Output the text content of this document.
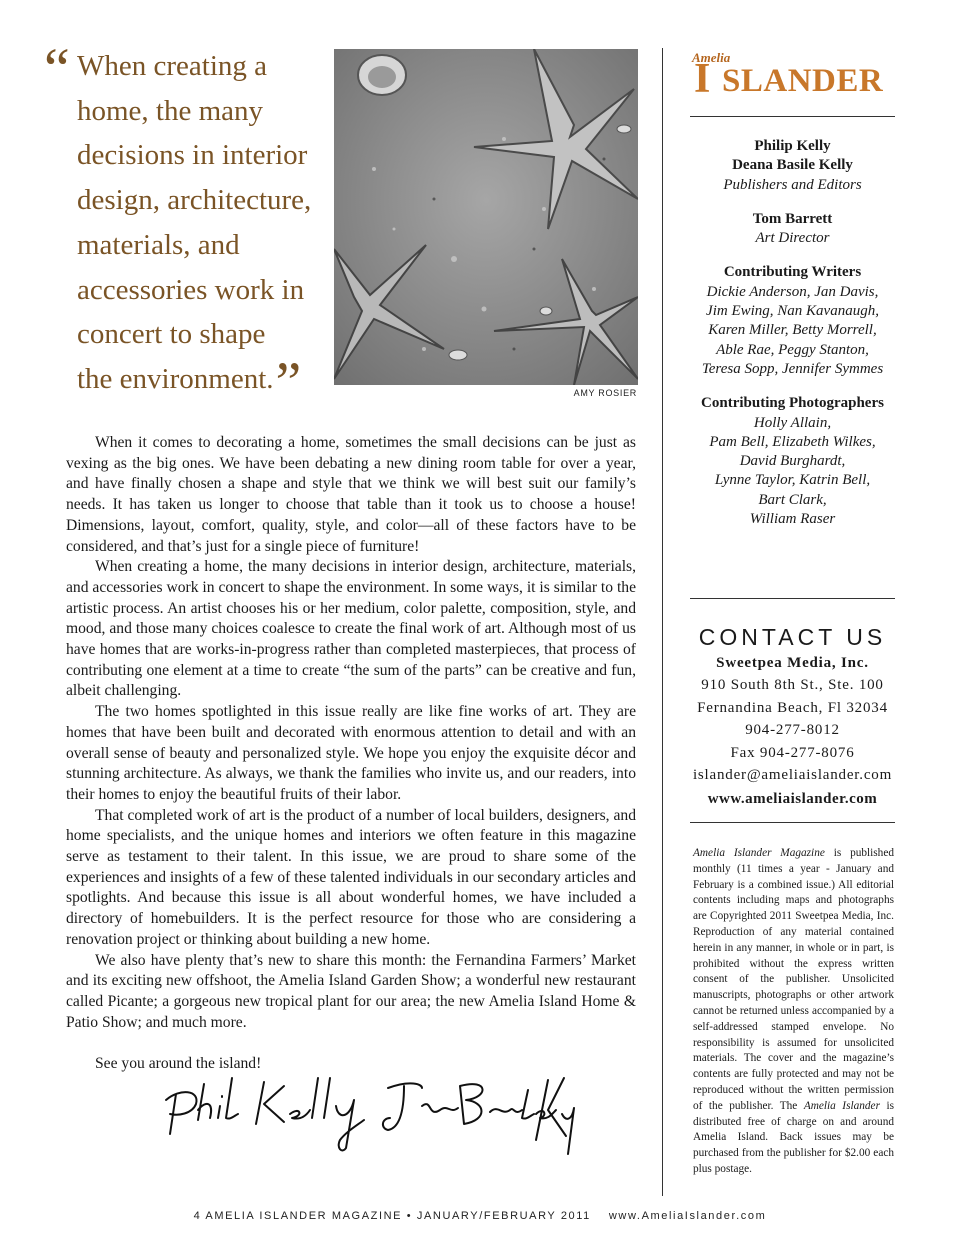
“ When creating a
home, the many
decisions in interior
design, architecture,
materials, and
accessories work in
concert to shape
the environment.”	AMY ROSIER

When it comes to decorating a home, sometimes the small decisions can be just as vexing as the big ones. We have been debating a new dining room table for over a year, and have finally chosen a shape and style that we think we will best suit our family’s needs. It has taken us longer to choose that table than it took us to choose a house! Dimensions, layout, comfort, quality, style, and color—all of these factors have to be considered, and that’s just for a single piece of furniture!

When creating a home, the many decisions in interior design, architecture, materials, and accessories work in concert to shape the environment. In some ways, it is similar to the artistic process. An artist chooses his or her medium, color palette, composition, style, and mood, and those many choices coalesce to create the final work of art. Although most of us have homes that are works-in-progress rather than completed masterpieces, that process of contributing one element at a time to create “the sum of the parts” can be creative and fun, albeit challenging.

The two homes spotlighted in this issue really are like fine works of art. They are homes that have been built and decorated with enormous attention to detail and with an overall sense of beauty and personalized style. We hope you enjoy the exquisite décor and stunning architecture. As always, we thank the families who invite us, and our readers, into their homes to enjoy the beautiful fruits of their labor.

That completed work of art is the product of a number of local builders, designers, and home specialists, and the unique homes and interiors we often feature in this magazine serve as testament to their talent. In this issue, we are proud to share some of the experiences and insights of a few of these talented individuals in our secondary articles and spotlights. And because this issue is all about wonderful homes, we have included a directory of homebuilders. It is the perfect resource for those who are considering a renovation project or thinking about building a new home.

We also have plenty that’s new to share this month: the Fernandina Farmers’ Market and its exciting new offshoot, the Amelia Island Garden Show; a wonderful new restaurant called Picante; a gorgeous new tropical plant for our area; the new Amelia Island Home & Patio Show; and much more.

See you around the island!
Amelia
I SLANDER
Philip Kelly
Deana Basile Kelly
Publishers and Editors
Tom Barrett
Art Director
Contributing Writers
Dickie Anderson, Jan Davis,
Jim Ewing, Nan Kavanaugh,
Karen Miller, Betty Morrell,
Able Rae, Peggy Stanton,
Teresa Sopp, Jennifer Symmes
Contributing Photographers
Holly Allain,
Pam Bell, Elizabeth Wilkes,
David Burghardt,
Lynne Taylor, Katrin Bell,
Bart Clark,
William Raser
CONTACT US
Sweetpea Media, Inc.
910 South 8th St., Ste. 100
Fernandina Beach, Fl 32034
904-277-8012
Fax 904-277-8076
islander@ameliaislander.com
www.ameliaislander.com
Amelia Islander Magazine is published monthly (11 times a year - January and February is a combined issue.) All editorial contents including maps and photographs are Copyrighted 2011 Sweetpea Media, Inc. Reproduction of any material contained herein in any manner, in whole or in part, is prohibited without the express written consent of the publisher. Unsolicited manuscripts, photographs or other artwork cannot be returned unless accompanied by a self-addressed stamped envelope. No responsibility is assumed for unsolicited materials. The cover and the magazine’s contents are fully protected and may not be reproduced without the written permission of the publisher. The Amelia Islander is distributed free of charge on and around Amelia Island. Back issues may be purchased from the publisher for $2.00 each plus postage.
4 AMELIA ISLANDER MAGAZINE • JANUARY/FEBRUARY 2011 www.AmeliaIslander.com
